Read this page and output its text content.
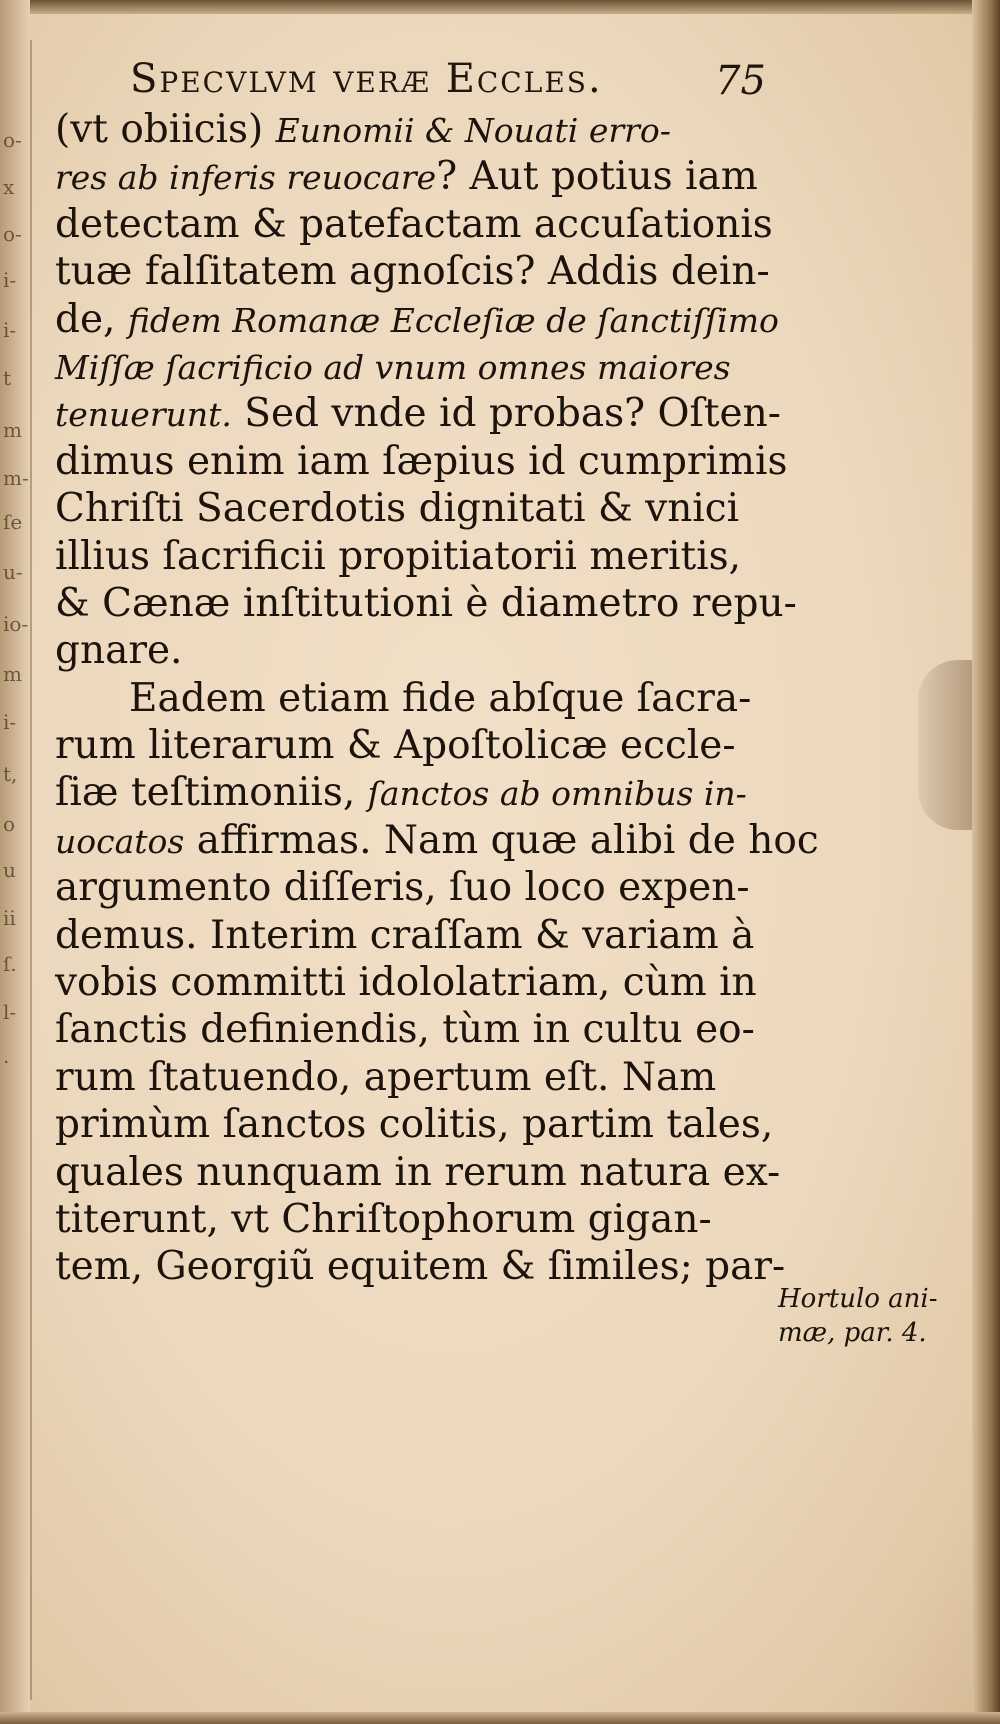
o-
x
o-
i-
i-
t
m
m-
ſe
u-
io-
m
i-
t,
o
u
ii
ſ.
l-
.
Specvlvm veræ Eccles.	75
(vt obiicis) Eunomii & Nouati erro-
res ab inferis reuocare? Aut potius iam
detectam & patefactam accuſationis
tuæ falſitatem agnoſcis? Addis dein-
de, fidem Romanæ Eccleſiæ de ſanctiſſimo
Miſſæ ſacrificio ad vnum omnes maiores
tenuerunt. Sed vnde id probas? Oſten-
dimus enim iam ſæpius id cumprimis
Chriſti Sacerdotis dignitati & vnici
illius ſacrificii propitiatorii meritis,
& Cænæ inſtitutioni è diametro repu-
gnare.
Eadem etiam fide abſque ſacra-
rum literarum & Apoſtolicæ eccle-
ſiæ teſtimoniis, ſanctos ab omnibus in-
uocatos affirmas. Nam quæ alibi de hoc
argumento diſſeris, ſuo loco expen-
demus. Interim craſſam & variam à
vobis committi idololatriam, cùm in
ſanctis definiendis, tùm in cultu eo-
rum ſtatuendo, apertum eſt. Nam
primùm ſanctos colitis, partim tales,
quales nunquam in rerum natura ex-
titerunt, vt Chriſtophorum gigan-
tem, Georgiũ equitem & ſimiles; par-
Hortulo ani-
mæ, par. 4.
